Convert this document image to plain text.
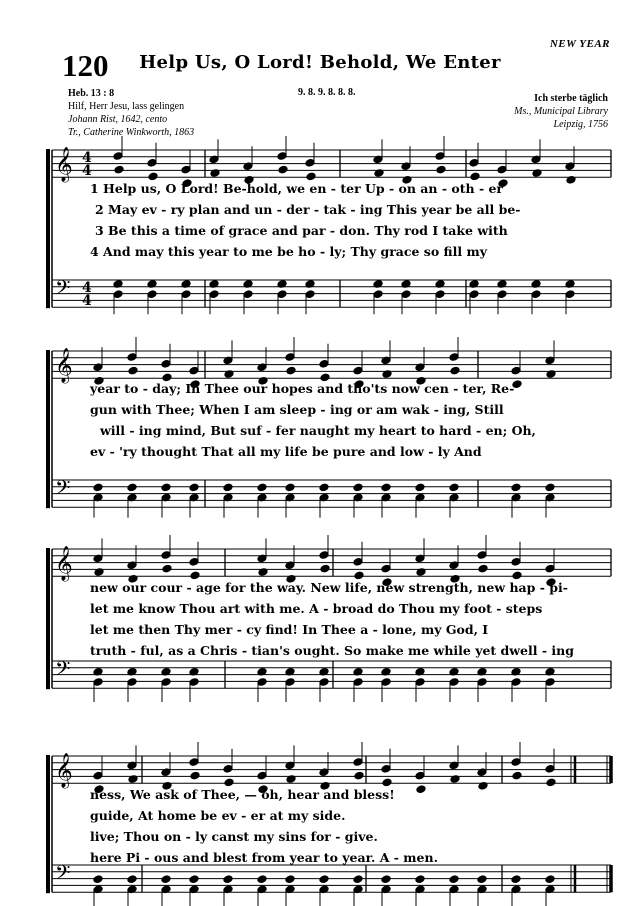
120
NEW YEAR
Help Us, O Lord! Behold, We Enter
Heb. 13 : 8
Hilf, Herr Jesu, lass gelingen
Johann Rist, 1642, cento
Tr., Catherine Winkworth, 1863
9. 8. 9. 8. 8. 8.
Ich sterbe täglich
Ms., Municipal Library
Leipzig, 1756
𝄞
𝄢
4
4
4
4
𝄞
𝄢
𝄞
𝄢
𝄞
𝄢
1 Help us, O Lord! Be-hold, we en - ter Up - on an - oth - er
2 May ev - ry plan and un - der - tak - ing This year be all be-
3 Be this a time of grace and par - don. Thy rod I take with
4 And may this year to me be ho - ly; Thy grace so fill my
year to - day; In Thee our hopes and tho'ts now cen - ter, Re-
gun with Thee; When I am sleep - ing or am wak - ing, Still
will - ing mind, But suf - fer naught my heart to hard - en; Oh,
ev - 'ry thought That all my life be pure and low - ly And
new our cour - age for the way. New life, new strength, new hap - pi-
let me know Thou art with me. A - broad do Thou my foot - steps
let me then Thy mer - cy find! In Thee a - lone, my God, I
truth - ful, as a Chris - tian's ought. So make me while yet dwell - ing
ness, We ask of Thee, — oh, hear and bless!
guide, At home be ev - er at my side.
live; Thou on - ly canst my sins for - give.
here Pi - ous and blest from year to year. A - men.
